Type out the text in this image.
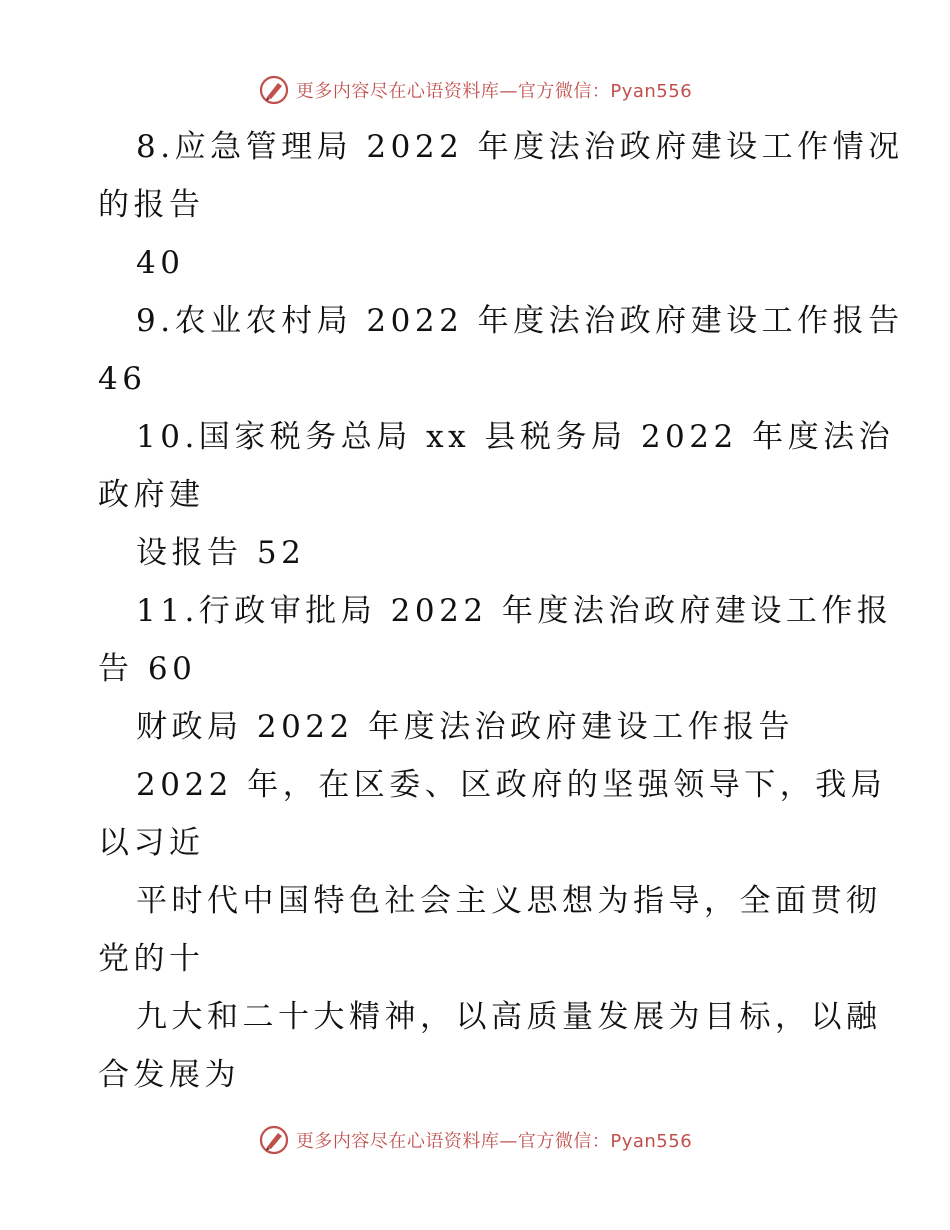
更多内容尽在心语资料库—官方微信：Pyan556
8.应急管理局 2022 年度法治政府建设工作情况
的报告
40
9.农业农村局 2022 年度法治政府建设工作报告
46
10.国家税务总局 xx 县税务局 2022 年度法治
政府建
设报告 52
11.行政审批局 2022 年度法治政府建设工作报
告 60
财政局 2022 年度法治政府建设工作报告
2022 年，在区委、区政府的坚强领导下，我局
以习近
平时代中国特色社会主义思想为指导，全面贯彻
党的十
九大和二十大精神，以高质量发展为目标，以融
合发展为
更多内容尽在心语资料库—官方微信：Pyan556
